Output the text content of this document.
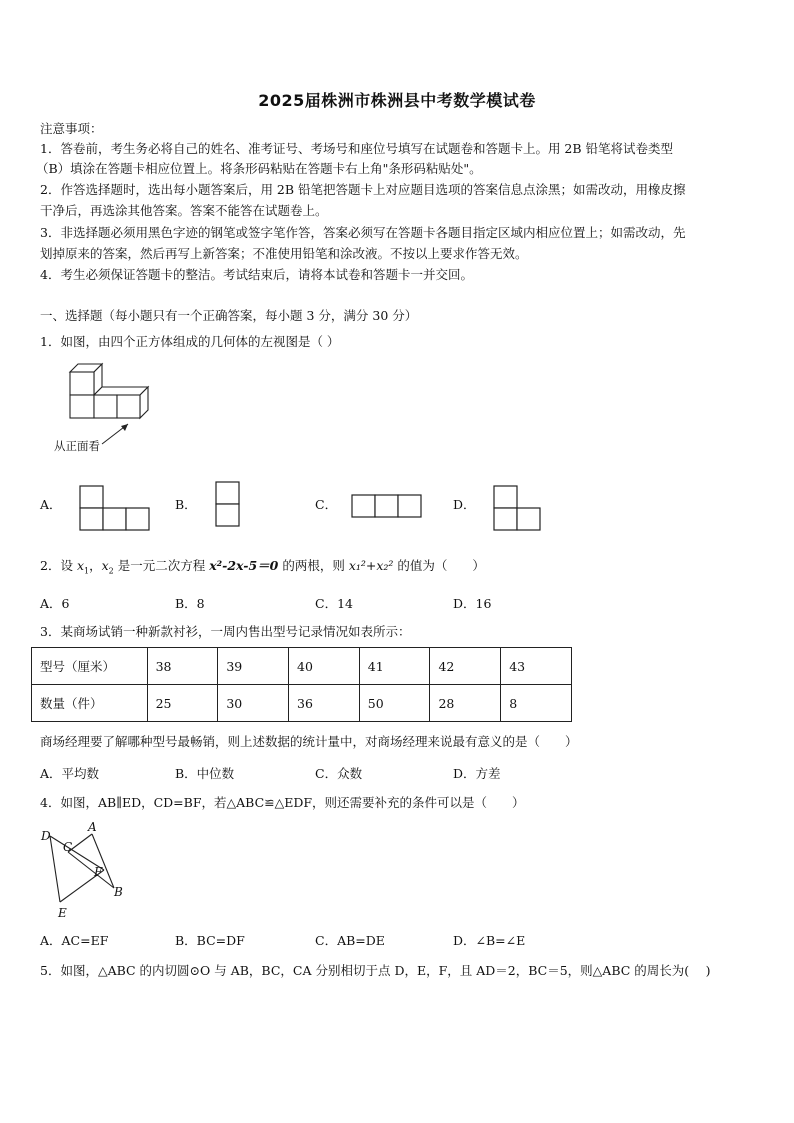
2025届株洲市株洲县中考数学模试卷
注意事项：
1．答卷前，考生务必将自己的姓名、准考证号、考场号和座位号填写在试题卷和答题卡上。用 2B 铅笔将试卷类型
（B）填涂在答题卡相应位置上。将条形码粘贴在答题卡右上角"条形码粘贴处"。
2．作答选择题时，选出每小题答案后，用 2B 铅笔把答题卡上对应题目选项的答案信息点涂黑；如需改动，用橡皮擦
干净后，再选涂其他答案。答案不能答在试题卷上。
3．非选择题必须用黑色字迹的钢笔或签字笔作答，答案必须写在答题卡各题目指定区域内相应位置上；如需改动，先
划掉原来的答案，然后再写上新答案；不准使用铅笔和涂改液。不按以上要求作答无效。
4．考生必须保证答题卡的整洁。考试结束后，请将本试卷和答题卡一并交回。
一、选择题（每小题只有一个正确答案，每小题 3 分，满分 30 分）
1．如图，由四个正方体组成的几何体的左视图是（ ）
从正面看
A．	B．	C．	D．
2．设 $x_1$，$x_2$ 是一元二次方程 x²-2x-5＝0 的两根，则 x₁²+x₂² 的值为（　　）
A．6	B．8	C．14	D．16
3．某商场试销一种新款衬衫，一周内售出型号记录情况如表所示：
型号（厘米）	38	39	40	41	42	43
数量（件）	25	30	36	50	28	8
商场经理要了解哪种型号最畅销，则上述数据的统计量中，对商场经理来说最有意义的是（　　）
A．平均数	B．中位数	C．众数	D．方差
4．如图，AB∥ED，CD=BF，若△ABC≌△EDF，则还需要补充的条件可以是（　　）
D
A
C
F
B
E
A．AC=EF	B．BC=DF	C．AB=DE	D．∠B=∠E
5．如图，△ABC 的内切圆⊙O 与 AB，BC，CA 分别相切于点 D，E，F，且 AD＝2，BC＝5，则△ABC 的周长为(　 )
